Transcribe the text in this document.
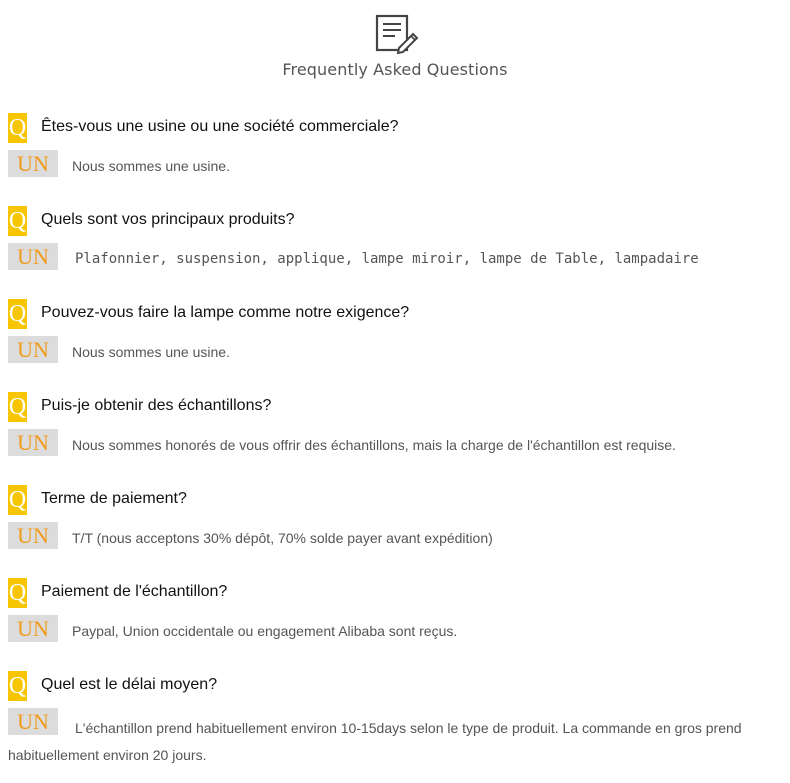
Frequently Asked Questions
Q Êtes-vous une usine ou une société commerciale?
UN	Nous sommes une usine.
Q Quels sont vos principaux produits?
UN	Plafonnier, suspension, applique, lampe miroir, lampe de Table, lampadaire
Q Pouvez-vous faire la lampe comme notre exigence?
UN	Nous sommes une usine.
Q Puis-je obtenir des échantillons?
UN	Nous sommes honorés de vous offrir des échantillons, mais la charge de l'échantillon est requise.
Q Terme de paiement?
UN	T/T (nous acceptons 30% dépôt, 70% solde payer avant expédition)
Q Paiement de l'échantillon?
UN	Paypal, Union occidentale ou engagement Alibaba sont reçus.
Q Quel est le délai moyen?
UN	L'échantillon prend habituellement environ 10-15days selon le type de produit. La commande en gros prend habituellement environ 20 jours.
